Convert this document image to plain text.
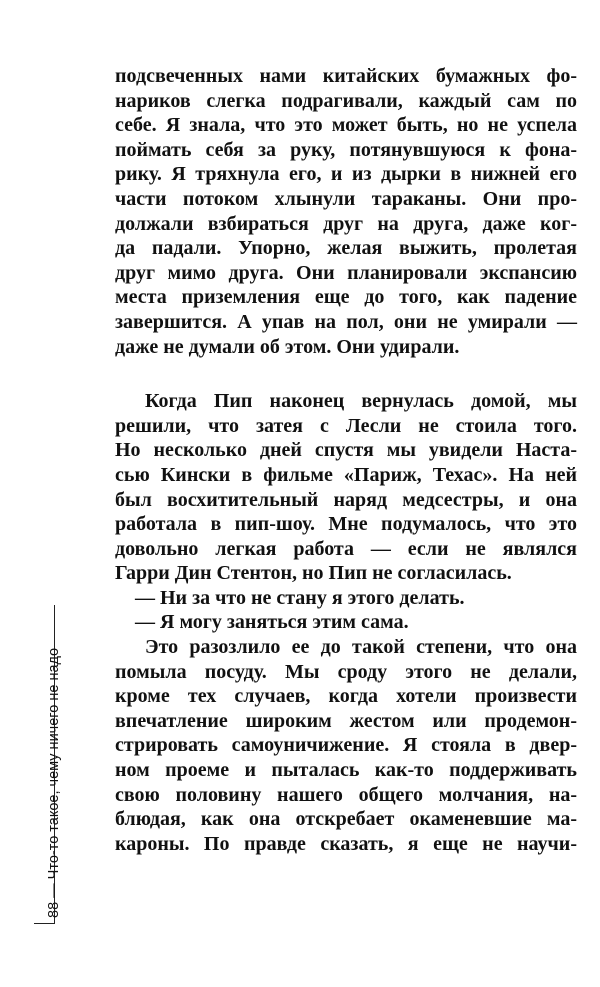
подсвеченных нами китайских бумажных фо-
нариков слегка подрагивали, каждый сам по
себе. Я знала, что это может быть, но не успела
поймать себя за руку, потянувшуюся к фона-
рику. Я тряхнула его, и из дырки в нижней его
части потоком хлынули тараканы. Они про-
должали взбираться друг на друга, даже ког-
да падали. Упорно, желая выжить, пролетая
друг мимо друга. Они планировали экспансию
места приземления еще до того, как падение
завершится. А упав на пол, они не умирали —
даже не думали об этом. Они удирали.
Когда Пип наконец вернулась домой, мы
решили, что затея с Лесли не стоила того.
Но несколько дней спустя мы увидели Наста-
сью Кински в фильме «Париж, Техас». На ней
был восхитительный наряд медсестры, и она
работала в пип-шоу. Мне подумалось, что это
довольно легкая работа — если не являлся
Гарри Дин Стентон, но Пип не согласилась.
— Ни за что не стану я этого делать.
— Я могу заняться этим сама.
Это разозлило ее до такой степени, что она
помыла посуду. Мы сроду этого не делали,
кроме тех случаев, когда хотели произвести
впечатление широким жестом или продемон-
стрировать самоуничижение. Я стояла в двер-
ном проеме и пыталась как-то поддерживать
свою половину нашего общего молчания, на-
блюдая, как она отскребает окаменевшие ма-
кароны. По правде сказать, я еще не научи-
88 — Что-то такое, чему ничего не надо
